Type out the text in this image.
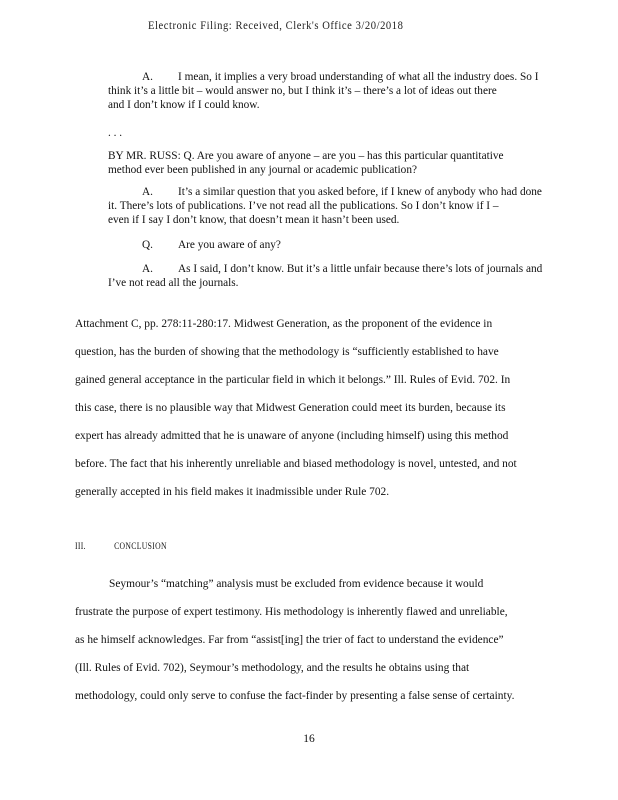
Electronic Filing: Received, Clerk's Office 3/20/2018

A. I mean, it implies a very broad understanding of what all the industry does. So I

think it’s a little bit – would answer no, but I think it’s – there’s a lot of ideas out there

and I don’t know if I could know.

. . .

BY MR. RUSS: Q. Are you aware of anyone – are you – has this particular quantitative

method ever been published in any journal or academic publication?

A. It’s a similar question that you asked before, if I knew of anybody who had done

it. There’s lots of publications. I’ve not read all the publications. So I don’t know if I –

even if I say I don’t know, that doesn’t mean it hasn’t been used.

Q. Are you aware of any?

A. As I said, I don’t know. But it’s a little unfair because there’s lots of journals and

I’ve not read all the journals.

Attachment C, pp. 278:11-280:17. Midwest Generation, as the proponent of the evidence in

question, has the burden of showing that the methodology is “sufficiently established to have

gained general acceptance in the particular field in which it belongs.” Ill. Rules of Evid. 702. In

this case, there is no plausible way that Midwest Generation could meet its burden, because its

expert has already admitted that he is unaware of anyone (including himself) using this method

before. The fact that his inherently unreliable and biased methodology is novel, untested, and not

generally accepted in his field makes it inadmissible under Rule 702.

III.	CONCLUSION

Seymour’s “matching” analysis must be excluded from evidence because it would

frustrate the purpose of expert testimony. His methodology is inherently flawed and unreliable,

as he himself acknowledges. Far from “assist[ing] the trier of fact to understand the evidence”

(Ill. Rules of Evid. 702), Seymour’s methodology, and the results he obtains using that

methodology, could only serve to confuse the fact-finder by presenting a false sense of certainty.

16
